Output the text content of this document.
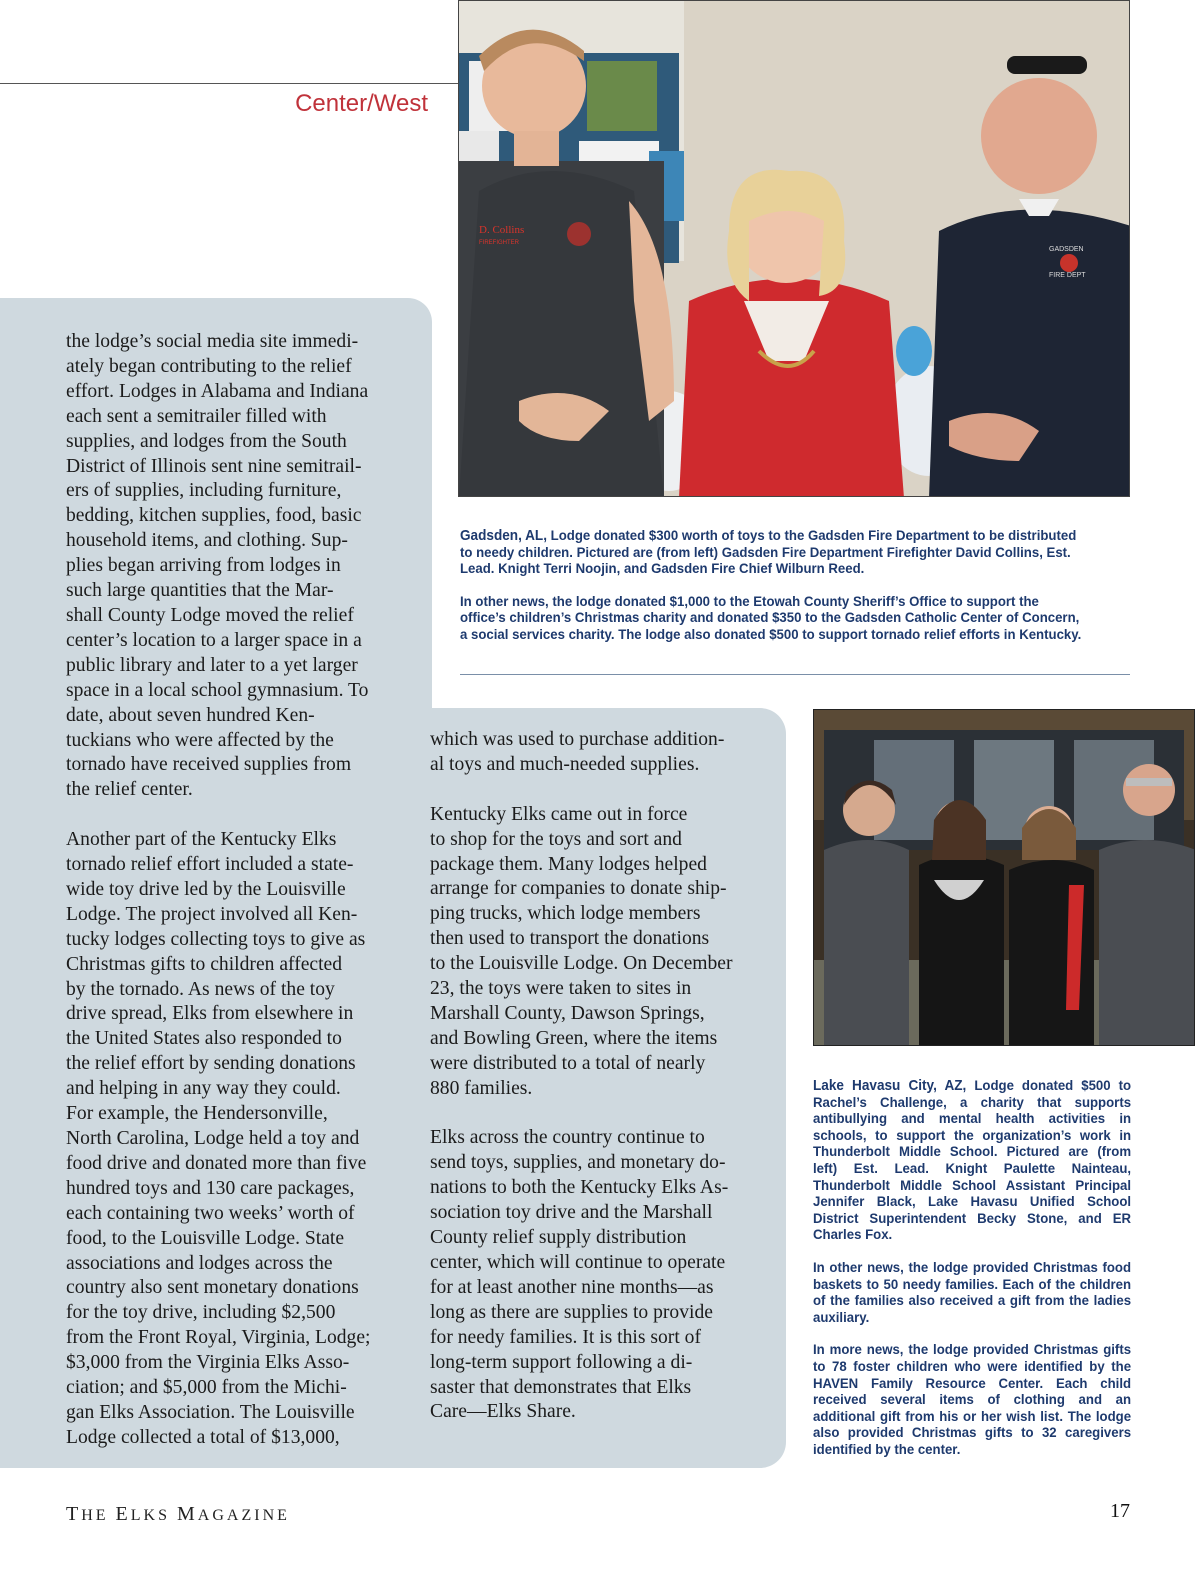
Center/West

the lodge’s social media site immedi-
ately began contributing to the relief
effort. Lodges in Alabama and Indiana
each sent a semitrailer filled with
supplies, and lodges from the South
District of Illinois sent nine semitrail-
ers of supplies, including furniture,
bedding, kitchen supplies, food, basic
household items, and clothing. Sup-
plies began arriving from lodges in
such large quantities that the Mar-
shall County Lodge moved the relief
center’s location to a larger space in a
public library and later to a yet larger
space in a local school gymnasium. To
date, about seven hundred Ken-
tuckians who were affected by the
tornado have received supplies from
the relief center.

Another part of the Kentucky Elks
tornado relief effort included a state-
wide toy drive led by the Louisville
Lodge. The project involved all Ken-
tucky lodges collecting toys to give as
Christmas gifts to children affected
by the tornado. As news of the toy
drive spread, Elks from elsewhere in
the United States also responded to
the relief effort by sending donations
and helping in any way they could.
For example, the Hendersonville,
North Carolina, Lodge held a toy and
food drive and donated more than five
hundred toys and 130 care packages,
each containing two weeks’ worth of
food, to the Louisville Lodge. State
associations and lodges across the
country also sent monetary donations
for the toy drive, including $2,500
from the Front Royal, Virginia, Lodge;
$3,000 from the Virginia Elks Asso-
ciation; and $5,000 from the Michi-
gan Elks Association. The Louisville
Lodge collected a total of $13,000,

which was used to purchase addition-
al toys and much-needed supplies.

Kentucky Elks came out in force
to shop for the toys and sort and
package them. Many lodges helped
arrange for companies to donate ship-
ping trucks, which lodge members
then used to transport the donations
to the Louisville Lodge. On December
23, the toys were taken to sites in
Marshall County, Dawson Springs,
and Bowling Green, where the items
were distributed to a total of nearly
880 families.

Elks across the country continue to
send toys, supplies, and monetary do-
nations to both the Kentucky Elks As-
sociation toy drive and the Marshall
County relief supply distribution
center, which will continue to operate
for at least another nine months—as
long as there are supplies to provide
for needy families. It is this sort of
long-term support following a di-
saster that demonstrates that Elks
Care—Elks Share.

D. Collins
FIREFIGHTER
GADSDEN
FIRE DEPT

Gadsden, AL, Lodge donated $300 worth of toys to the Gadsden Fire Department to be distributed to needy children. Pictured are (from left) Gadsden Fire Department Firefighter David Collins, Est. Lead. Knight Terri Noojin, and Gadsden Fire Chief Wilburn Reed.

In other news, the lodge donated $1,000 to the Etowah County Sheriff’s Office to support the office’s children’s Christmas charity and donated $350 to the Gadsden Catholic Center of Concern, a social services charity. The lodge also donated $500 to support tornado relief efforts in Kentucky.

Lake Havasu City, AZ, Lodge donated $500 to Rachel’s Challenge, a charity that supports antibullying and mental health activities in schools, to support the organization’s work in Thunderbolt Middle School. Pictured are (from left) Est. Lead. Knight Paulette Nainteau, Thunderbolt Middle School Assistant Principal Jennifer Black, Lake Havasu Unified School District Superintendent Becky Stone, and ER Charles Fox.

In other news, the lodge provided Christmas food baskets to 50 needy families. Each of the children of the families also received a gift from the ladies auxiliary.

In more news, the lodge provided Christmas gifts to 78 foster children who were identified by the HAVEN Family Resource Center. Each child received several items of clothing and an additional gift from his or her wish list. The lodge also provided Christmas gifts to 32 caregivers identified by the center.

THE ELKS MAGAZINE	17
